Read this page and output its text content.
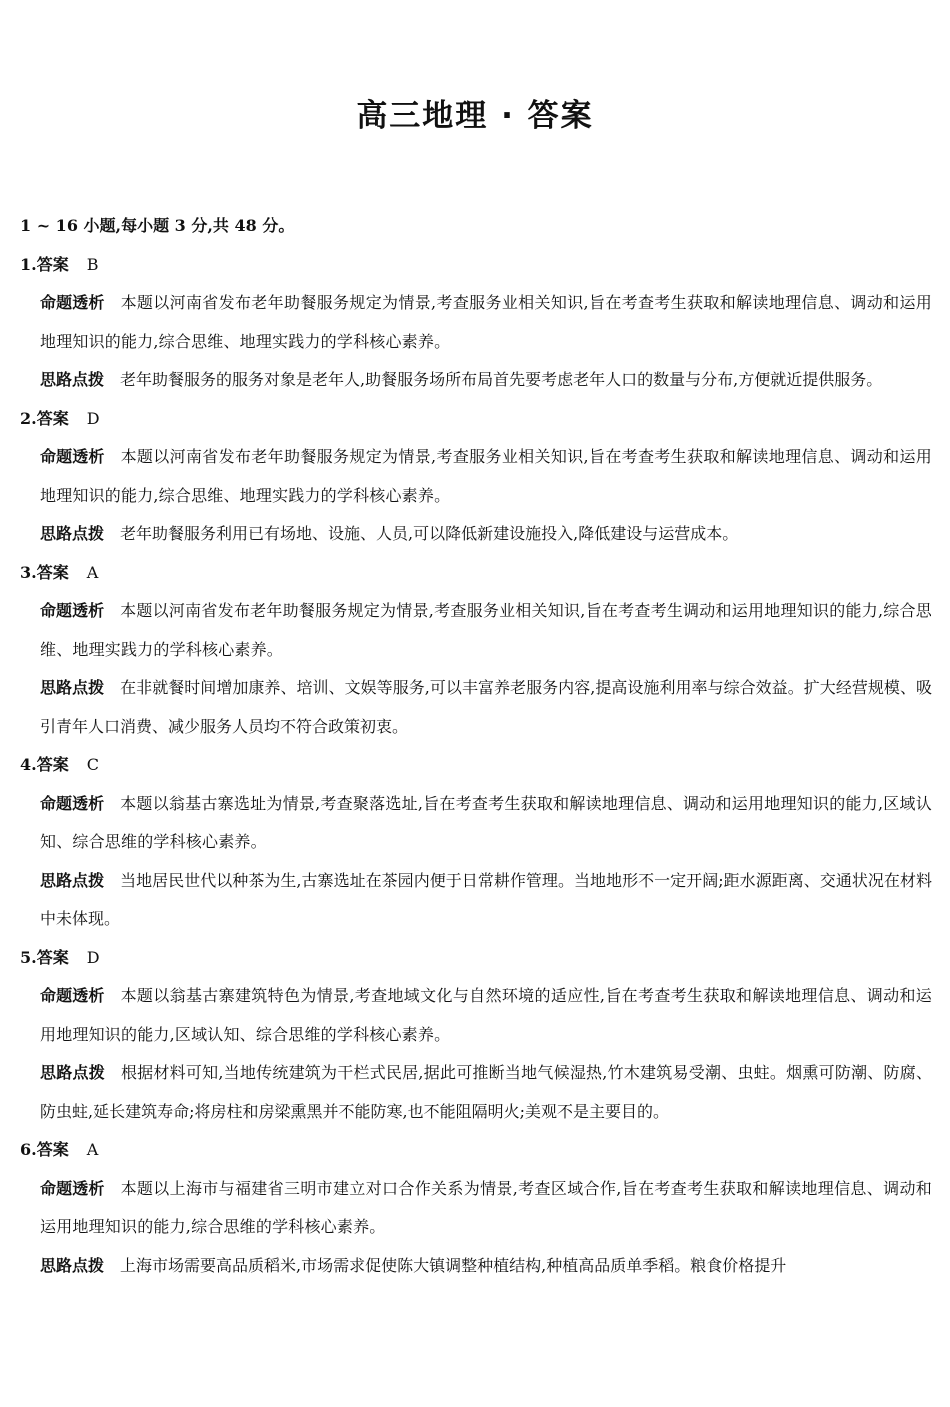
高三地理 · 答案
1 ~ 16 小题,每小题 3 分,共 48 分。
1.答案 B
命题透析 本题以河南省发布老年助餐服务规定为情景,考查服务业相关知识,旨在考查考生获取和解读地理信息、调动和运用地理知识的能力,综合思维、地理实践力的学科核心素养。
思路点拨 老年助餐服务的服务对象是老年人,助餐服务场所布局首先要考虑老年人口的数量与分布,方便就近提供服务。
2.答案 D
命题透析 本题以河南省发布老年助餐服务规定为情景,考查服务业相关知识,旨在考查考生获取和解读地理信息、调动和运用地理知识的能力,综合思维、地理实践力的学科核心素养。
思路点拨 老年助餐服务利用已有场地、设施、人员,可以降低新建设施投入,降低建设与运营成本。
3.答案 A
命题透析 本题以河南省发布老年助餐服务规定为情景,考查服务业相关知识,旨在考查考生调动和运用地理知识的能力,综合思维、地理实践力的学科核心素养。
思路点拨 在非就餐时间增加康养、培训、文娱等服务,可以丰富养老服务内容,提高设施利用率与综合效益。扩大经营规模、吸引青年人口消费、减少服务人员均不符合政策初衷。
4.答案 C
命题透析 本题以翁基古寨选址为情景,考查聚落选址,旨在考查考生获取和解读地理信息、调动和运用地理知识的能力,区域认知、综合思维的学科核心素养。
思路点拨 当地居民世代以种茶为生,古寨选址在茶园内便于日常耕作管理。当地地形不一定开阔;距水源距离、交通状况在材料中未体现。
5.答案 D
命题透析 本题以翁基古寨建筑特色为情景,考查地域文化与自然环境的适应性,旨在考查考生获取和解读地理信息、调动和运用地理知识的能力,区域认知、综合思维的学科核心素养。
思路点拨 根据材料可知,当地传统建筑为干栏式民居,据此可推断当地气候湿热,竹木建筑易受潮、虫蛀。烟熏可防潮、防腐、防虫蛀,延长建筑寿命;将房柱和房梁熏黑并不能防寒,也不能阻隔明火;美观不是主要目的。
6.答案 A
命题透析 本题以上海市与福建省三明市建立对口合作关系为情景,考查区域合作,旨在考查考生获取和解读地理信息、调动和运用地理知识的能力,综合思维的学科核心素养。
思路点拨 上海市场需要高品质稻米,市场需求促使陈大镇调整种植结构,种植高品质单季稻。粮食价格提升
